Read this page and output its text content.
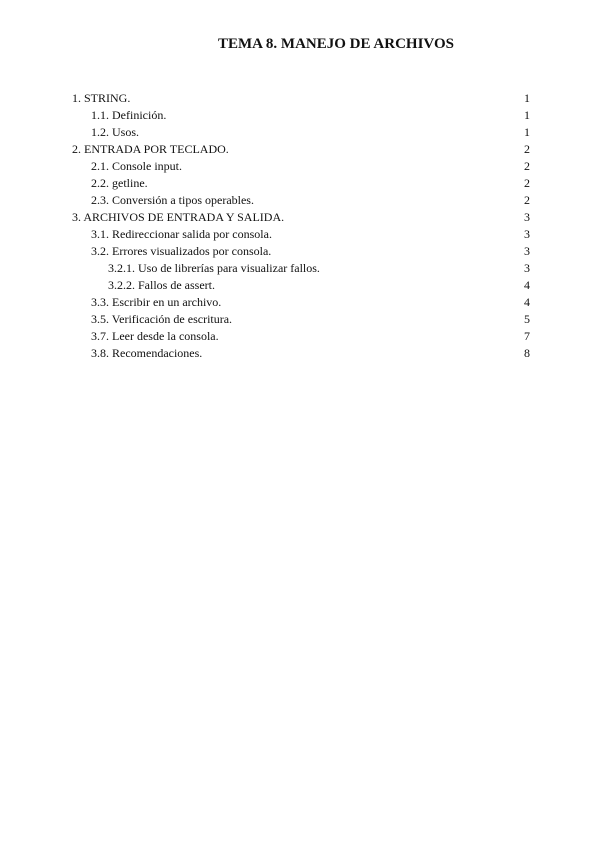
TEMA 8. MANEJO DE ARCHIVOS
1. STRING.	1
1.1. Definición.	1
1.2. Usos.	1
2. ENTRADA POR TECLADO.	2
2.1. Console input.	2
2.2. getline.	2
2.3. Conversión a tipos operables.	2
3. ARCHIVOS DE ENTRADA Y SALIDA.	3
3.1. Redireccionar salida por consola.	3
3.2. Errores visualizados por consola.	3
3.2.1. Uso de librerías para visualizar fallos.	3
3.2.2. Fallos de assert.	4
3.3. Escribir en un archivo.	4
3.5. Verificación de escritura.	5
3.7. Leer desde la consola.	7
3.8. Recomendaciones.	8
